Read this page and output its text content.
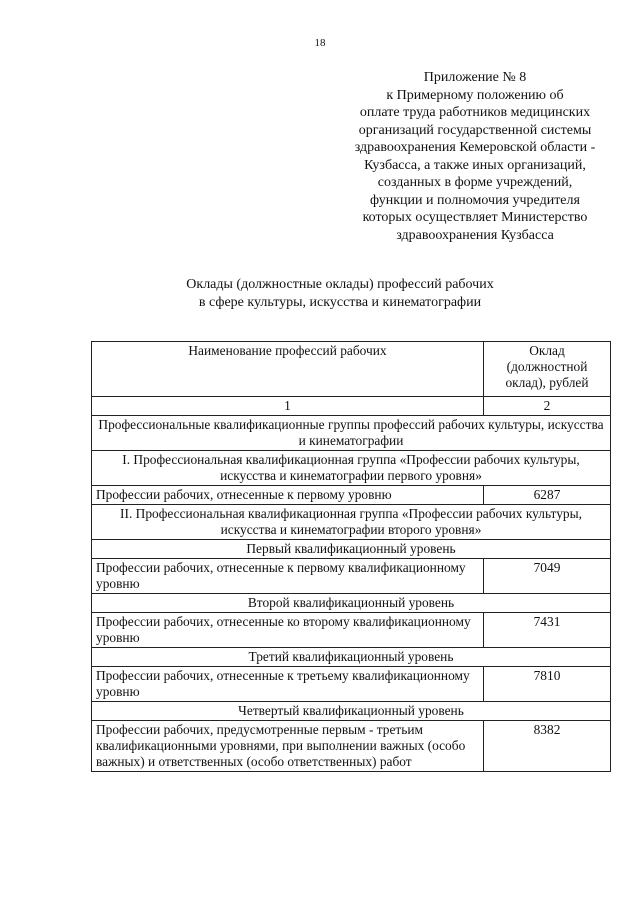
18
Приложение № 8
к Примерному положению об
оплате труда работников медицинских
организаций государственной системы
здравоохранения Кемеровской области -
Кузбасса, а также иных организаций,
созданных в форме учреждений,
функции и полномочия учредителя
которых осуществляет Министерство
здравоохранения Кузбасса
Оклады (должностные оклады) профессий рабочих
в сфере культуры, искусства и кинематографии
Наименование профессий рабочих	Оклад (должностной оклад), рублей
1	2
Профессиональные квалификационные группы профессий рабочих культуры, искусства и кинематографии	
I. Профессиональная квалификационная группа «Профессии рабочих культуры, искусства и кинематографии первого уровня»	
Профессии рабочих, отнесенные к первому уровню	6287
II. Профессиональная квалификационная группа «Профессии рабочих культуры, искусства и кинематографии второго уровня»	
Первый квалификационный уровень	
Профессии рабочих, отнесенные к первому квалификационному уровню	7049
Второй квалификационный уровень	
Профессии рабочих, отнесенные ко второму квалификационному уровню	7431
Третий квалификационный уровень	
Профессии рабочих, отнесенные к третьему квалификационному уровню	7810
Четвертый квалификационный уровень	
Профессии рабочих, предусмотренные первым - третьим квалификационными уровнями, при выполнении важных (особо важных) и ответственных (особо ответственных) работ	8382
